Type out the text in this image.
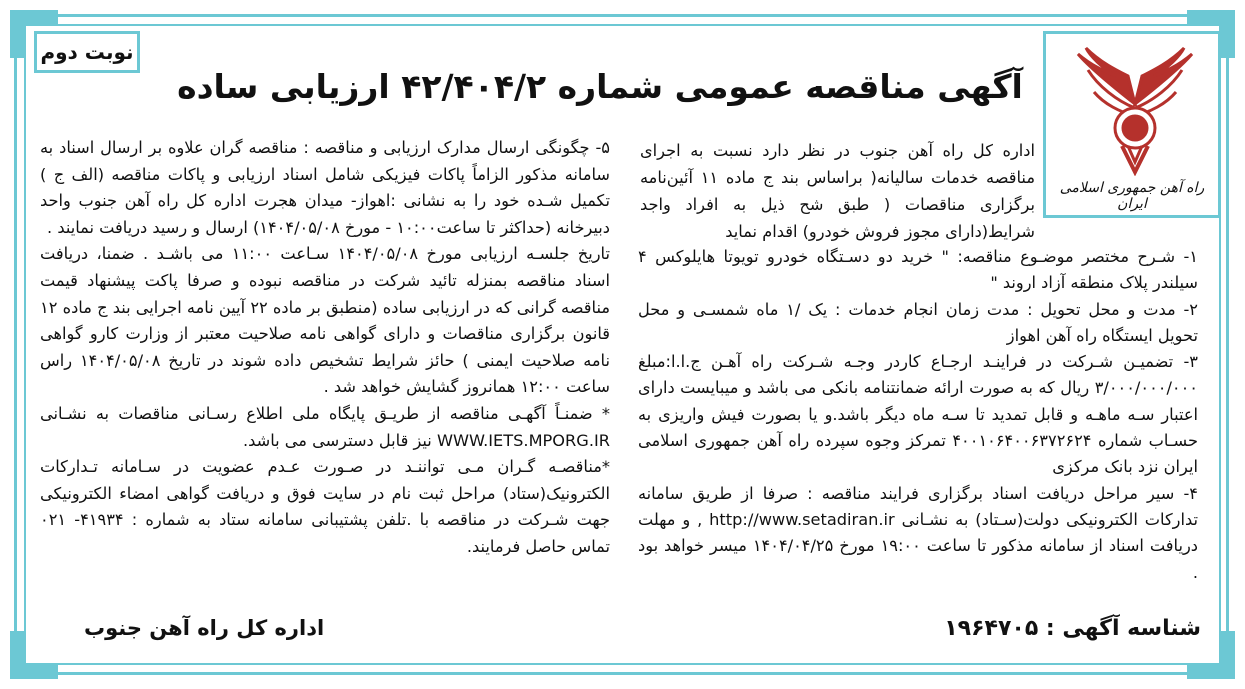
راه آهن جمهوری اسلامی ایران
نوبت دوم
آگهی مناقصه عمومی شماره ۴۲/۴۰۴/۲ ارزیابی ساده

اداره کل راه آهن جنوب در نظر دارد نسبت به اجرای مناقصه خدمات سالیانه( براساس بند ج ماده ۱۱ آئین‌نامه برگزاری مناقصات ( طبق شح ذیل به افراد واجد شرایط(دارای مجوز فروش خودرو) اقدام نماید

۱- شـرح مختصر موضـوع مناقصه: " خرید دو دسـتگاه خودرو تویوتا هایلوکس ۴ سیلندر پلاک منطقه آزاد اروند "

۲- مدت و محل تحویل : مدت زمان انجام خدمات : یک /۱ ماه شمسـی و محل تحویل ایستگاه راه آهن اهواز

۳- تضمیـن شـرکت در فراینـد ارجـاع کاردر وجـه شـرکت راه آهـن ج.ا.ا:مبلغ ۳/۰۰۰/۰۰۰/۰۰۰ ریال که به صورت ارائه ضمانتنامه بانکی می باشد و میبایست دارای اعتبار سـه ماهـه و قابل تمدید تا سـه ماه دیگر باشد.و یا بصورت فیش واریزی به حسـاب شماره ۴۰۰۱۰۶۴۰۰۶۳۷۲۶۲۴ تمرکز وجوه سپرده راه آهن جمهوری اسلامی ایران نزد بانک مرکزی

۴- سیر مراحل دریافت اسناد برگزاری فرایند مناقصه : صرفا از طریق سامانه تداركات الکترونیکی دولت(سـتاد) به نشـانی http://www.setadiran.ir , و مهلت دریافت اسناد از سامانه مذکور تا ساعت ۱۹:۰۰ مورخ ۱۴۰۴/۰۴/۲۵ میسر خواهد بود .

۵- چگونگی ارسال مدارک ارزیابی و مناقصه : مناقصه گران علاوه بر ارسال اسناد به سامانه مذکور الزاماً پاکات فیزیکی شامل اسناد ارزیابی و پاکات مناقصه (الف ج ) تکمیل شـده خود را به نشانی :اهواز- میدان هجرت اداره کل راه آهن جنوب واحد دبیرخانه (حداکثر تا ساعت۱۰:۰۰ - مورخ ۱۴۰۴/۰۵/۰۸) ارسال و رسید دریافت نمایند .

تاریخ جلسـه ارزیابی مورخ ۱۴۰۴/۰۵/۰۸ سـاعت ۱۱:۰۰ می باشـد . ضمنا، دریافت اسناد مناقصه بمنزله تائید شرکت در مناقصه نبوده و صرفا پاکت پیشنهاد قیمت مناقصه گرانی که در ارزیابی ساده (منطبق بر ماده ۲۲ آیین نامه اجرایی بند ج ماده ۱۲ قانون برگزاری مناقصات و دارای گواهی نامه صلاحیت معتبر از وزارت کارو گواهی نامه صلاحیت ایمنی ) حائز شرایط تشخیص داده شوند در تاریخ ۱۴۰۴/۰۵/۰۸ راس ساعت ۱۲:۰۰ همانروز گشایش خواهد شد .

* ضمنـاً آگهـی مناقصه از طریـق پایگاه ملی اطلاع رسـانی مناقصات به نشـانی WWW.IETS.MPORG.IR نیز قابل دسترسی می باشد.

*مناقصـه گـران مـی تواننـد در صـورت عـدم عضویت در سـامانه تـداركات الکترونیک(ستاد) مراحل ثبت نام در سایت فوق و دریافت گواهی امضاء الکترونیکی جهت شـرکت در مناقصه با .تلفن پشتیبانی سامانه ستاد به شماره : ۴۱۹۳۴- ۰۲۱ تماس حاصل فرمایند.

شناسه آگهی : ۱۹۶۴۷۰۵
اداره کل راه آهن جنوب
